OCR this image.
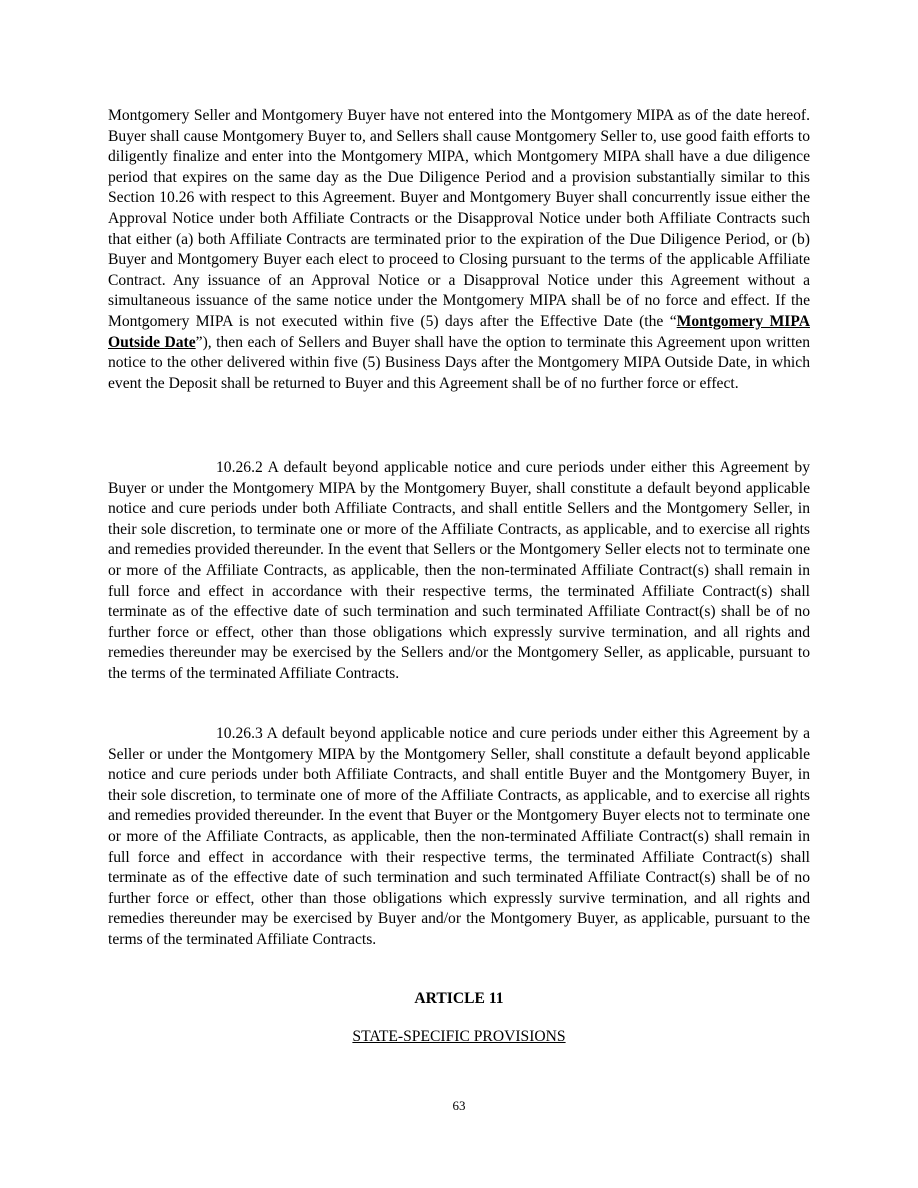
Montgomery Seller and Montgomery Buyer have not entered into the Montgomery MIPA as of the date hereof. Buyer shall cause Montgomery Buyer to, and Sellers shall cause Montgomery Seller to, use good faith efforts to diligently finalize and enter into the Montgomery MIPA, which Montgomery MIPA shall have a due diligence period that expires on the same day as the Due Diligence Period and a provision substantially similar to this Section 10.26 with respect to this Agreement. Buyer and Montgomery Buyer shall concurrently issue either the Approval Notice under both Affiliate Contracts or the Disapproval Notice under both Affiliate Contracts such that either (a) both Affiliate Contracts are terminated prior to the expiration of the Due Diligence Period, or (b) Buyer and Montgomery Buyer each elect to proceed to Closing pursuant to the terms of the applicable Affiliate Contract. Any issuance of an Approval Notice or a Disapproval Notice under this Agreement without a simultaneous issuance of the same notice under the Montgomery MIPA shall be of no force and effect. If the Montgomery MIPA is not executed within five (5) days after the Effective Date (the “Montgomery MIPA Outside Date”), then each of Sellers and Buyer shall have the option to terminate this Agreement upon written notice to the other delivered within five (5) Business Days after the Montgomery MIPA Outside Date, in which event the Deposit shall be returned to Buyer and this Agreement shall be of no further force or effect.

10.26.2 A default beyond applicable notice and cure periods under either this Agreement by Buyer or under the Montgomery MIPA by the Montgomery Buyer, shall constitute a default beyond applicable notice and cure periods under both Affiliate Contracts, and shall entitle Sellers and the Montgomery Seller, in their sole discretion, to terminate one or more of the Affiliate Contracts, as applicable, and to exercise all rights and remedies provided thereunder. In the event that Sellers or the Montgomery Seller elects not to terminate one or more of the Affiliate Contracts, as applicable, then the non-terminated Affiliate Contract(s) shall remain in full force and effect in accordance with their respective terms, the terminated Affiliate Contract(s) shall terminate as of the effective date of such termination and such terminated Affiliate Contract(s) shall be of no further force or effect, other than those obligations which expressly survive termination, and all rights and remedies thereunder may be exercised by the Sellers and/or the Montgomery Seller, as applicable, pursuant to the terms of the terminated Affiliate Contracts.

10.26.3 A default beyond applicable notice and cure periods under either this Agreement by a Seller or under the Montgomery MIPA by the Montgomery Seller, shall constitute a default beyond applicable notice and cure periods under both Affiliate Contracts, and shall entitle Buyer and the Montgomery Buyer, in their sole discretion, to terminate one of more of the Affiliate Contracts, as applicable, and to exercise all rights and remedies provided thereunder. In the event that Buyer or the Montgomery Buyer elects not to terminate one or more of the Affiliate Contracts, as applicable, then the non-terminated Affiliate Contract(s) shall remain in full force and effect in accordance with their respective terms, the terminated Affiliate Contract(s) shall terminate as of the effective date of such termination and such terminated Affiliate Contract(s) shall be of no further force or effect, other than those obligations which expressly survive termination, and all rights and remedies thereunder may be exercised by Buyer and/or the Montgomery Buyer, as applicable, pursuant to the terms of the terminated Affiliate Contracts.

ARTICLE 11

STATE-SPECIFIC PROVISIONS

63
